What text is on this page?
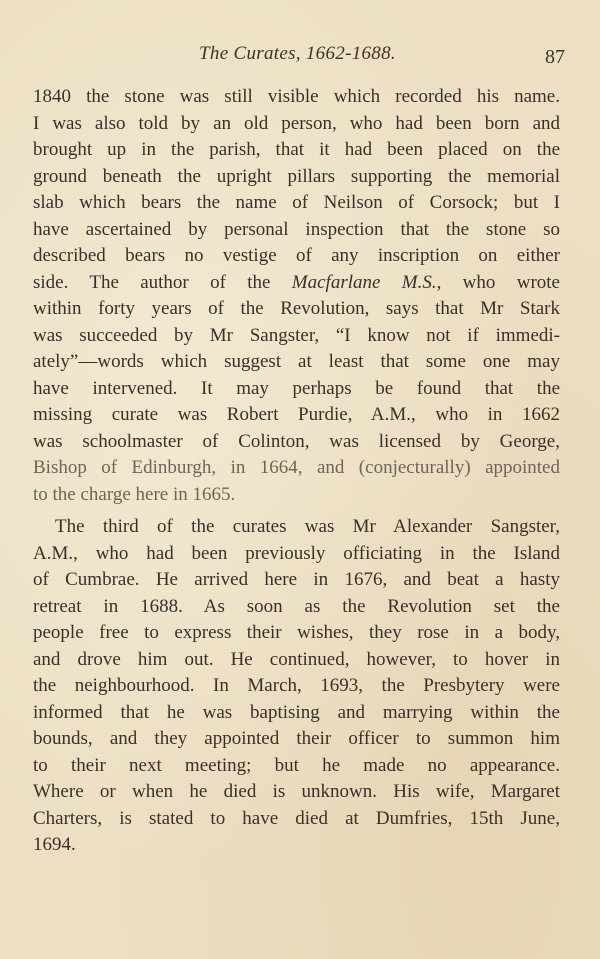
The Curates, 1662-1688.	87
1840 the stone was still visible which recorded his name.
I was also told by an old person, who had been born and
brought up in the parish, that it had been placed on the
ground beneath the upright pillars supporting the memorial
slab which bears the name of Neilson of Corsock; but I
have ascertained by personal inspection that the stone so
described bears no vestige of any inscription on either
side. The author of the Macfarlane M.S., who wrote
within forty years of the Revolution, says that Mr Stark
was succeeded by Mr Sangster, “I know not if immedi-
ately”—words which suggest at least that some one may
have intervened. It may perhaps be found that the
missing curate was Robert Purdie, A.M., who in 1662
was schoolmaster of Colinton, was licensed by George,
Bishop of Edinburgh, in 1664, and (conjecturally) appointed
to the charge here in 1665.
The third of the curates was Mr Alexander Sangster,
A.M., who had been previously officiating in the Island
of Cumbrae. He arrived here in 1676, and beat a hasty
retreat in 1688. As soon as the Revolution set the
people free to express their wishes, they rose in a body,
and drove him out. He continued, however, to hover in
the neighbourhood. In March, 1693, the Presbytery were
informed that he was baptising and marrying within the
bounds, and they appointed their officer to summon him
to their next meeting; but he made no appearance.
Where or when he died is unknown. His wife, Margaret
Charters, is stated to have died at Dumfries, 15th June,
1694.
